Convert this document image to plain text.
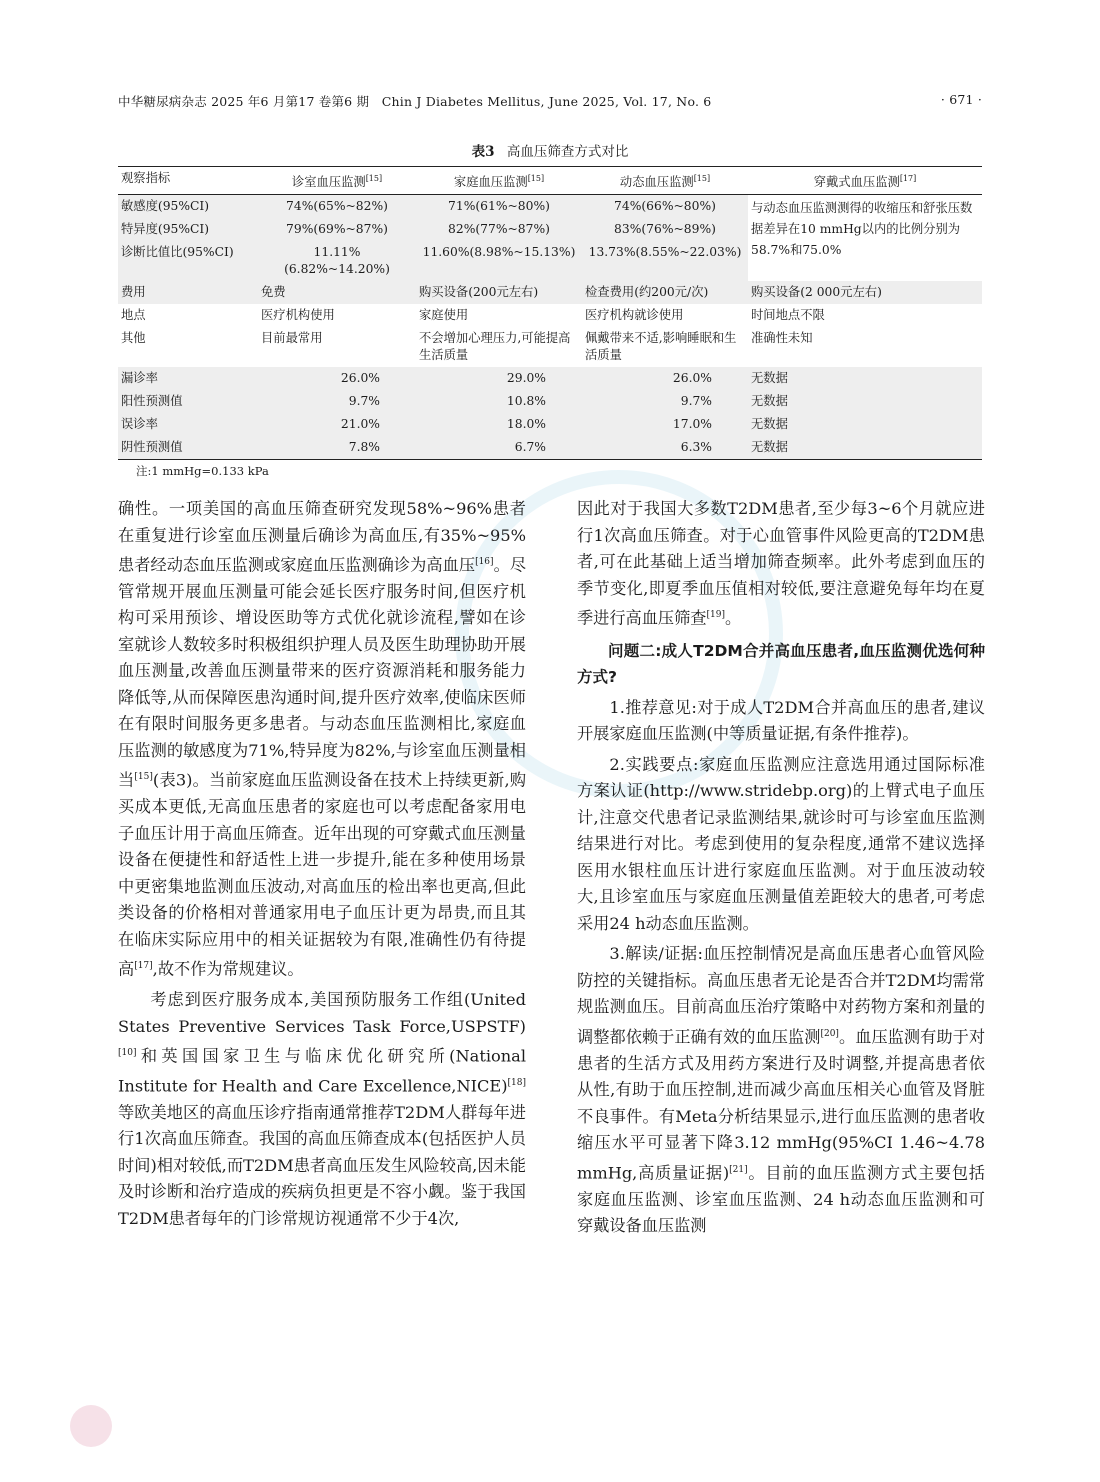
中华糖尿病杂志 2025 年6 月第17 卷第6 期 Chin J Diabetes Mellitus, June 2025, Vol. 17, No. 6	· 671 ·
表3 高血压筛查方式对比
观察指标	诊室血压监测[15]	家庭血压监测[15]	动态血压监测[15]	穿戴式血压监测[17]
敏感度(95%CI)	74%(65%~82%)	71%(61%~80%)	74%(66%~80%)	与动态血压监测测得的收缩压和舒张压数据差异在10 mmHg以内的比例分别为58.7%和75.0%
特异度(95%CI)	79%(69%~87%)	82%(77%~87%)	83%(76%~89%)	
诊断比值比(95%CI)	11.11%(6.82%~14.20%)	11.60%(8.98%~15.13%)	13.73%(8.55%~22.03%)	
费用	免费	购买设备(200元左右)	检查费用(约200元/次)	购买设备(2 000元左右)
地点	医疗机构使用	家庭使用	医疗机构就诊使用	时间地点不限
其他	目前最常用	不会增加心理压力,可能提高生活质量	佩戴带来不适,影响睡眠和生活质量	准确性未知
漏诊率	26.0%	29.0%	26.0%	无数据
阳性预测值	9.7%	10.8%	9.7%	无数据
误诊率	21.0%	18.0%	17.0%	无数据
阴性预测值	7.8%	6.7%	6.3%	无数据
注:1 mmHg=0.133 kPa

确性。一项美国的高血压筛查研究发现58%~96%患者在重复进行诊室血压测量后确诊为高血压,有35%~95%患者经动态血压监测或家庭血压监测确诊为高血压[16]。尽管常规开展血压测量可能会延长医疗服务时间,但医疗机构可采用预诊、增设医助等方式优化就诊流程,譬如在诊室就诊人数较多时积极组织护理人员及医生助理协助开展血压测量,改善血压测量带来的医疗资源消耗和服务能力降低等,从而保障医患沟通时间,提升医疗效率,使临床医师在有限时间服务更多患者。与动态血压监测相比,家庭血压监测的敏感度为71%,特异度为82%,与诊室血压测量相当[15](表3)。当前家庭血压监测设备在技术上持续更新,购买成本更低,无高血压患者的家庭也可以考虑配备家用电子血压计用于高血压筛查。近年出现的可穿戴式血压测量设备在便捷性和舒适性上进一步提升,能在多种使用场景中更密集地监测血压波动,对高血压的检出率也更高,但此类设备的价格相对普通家用电子血压计更为昂贵,而且其在临床实际应用中的相关证据较为有限,准确性仍有待提高[17],故不作为常规建议。

考虑到医疗服务成本,美国预防服务工作组(United States Preventive Services Task Force,USPSTF)[10]和英国国家卫生与临床优化研究所(National Institute for Health and Care Excellence,NICE)[18]等欧美地区的高血压诊疗指南通常推荐T2DM人群每年进行1次高血压筛查。我国的高血压筛查成本(包括医护人员时间)相对较低,而T2DM患者高血压发生风险较高,因未能及时诊断和治疗造成的疾病负担更是不容小觑。鉴于我国T2DM患者每年的门诊常规访视通常不少于4次,

因此对于我国大多数T2DM患者,至少每3~6个月就应进行1次高血压筛查。对于心血管事件风险更高的T2DM患者,可在此基础上适当增加筛查频率。此外考虑到血压的季节变化,即夏季血压值相对较低,要注意避免每年均在夏季进行高血压筛查[19]。

问题二:成人T2DM合并高血压患者,血压监测优选何种方式?

1.推荐意见:对于成人T2DM合并高血压的患者,建议开展家庭血压监测(中等质量证据,有条件推荐)。

2.实践要点:家庭血压监测应注意选用通过国际标准方案认证(http://www.stridebp.org)的上臂式电子血压计,注意交代患者记录监测结果,就诊时可与诊室血压监测结果进行对比。考虑到使用的复杂程度,通常不建议选择医用水银柱血压计进行家庭血压监测。对于血压波动较大,且诊室血压与家庭血压测量值差距较大的患者,可考虑采用24 h动态血压监测。

3.解读/证据:血压控制情况是高血压患者心血管风险防控的关键指标。高血压患者无论是否合并T2DM均需常规监测血压。目前高血压治疗策略中对药物方案和剂量的调整都依赖于正确有效的血压监测[20]。血压监测有助于对患者的生活方式及用药方案进行及时调整,并提高患者依从性,有助于血压控制,进而减少高血压相关心血管及肾脏不良事件。有Meta分析结果显示,进行血压监测的患者收缩压水平可显著下降3.12 mmHg(95%CI 1.46~4.78 mmHg,高质量证据)[21]。目前的血压监测方式主要包括家庭血压监测、诊室血压监测、24 h动态血压监测和可穿戴设备血压监测
